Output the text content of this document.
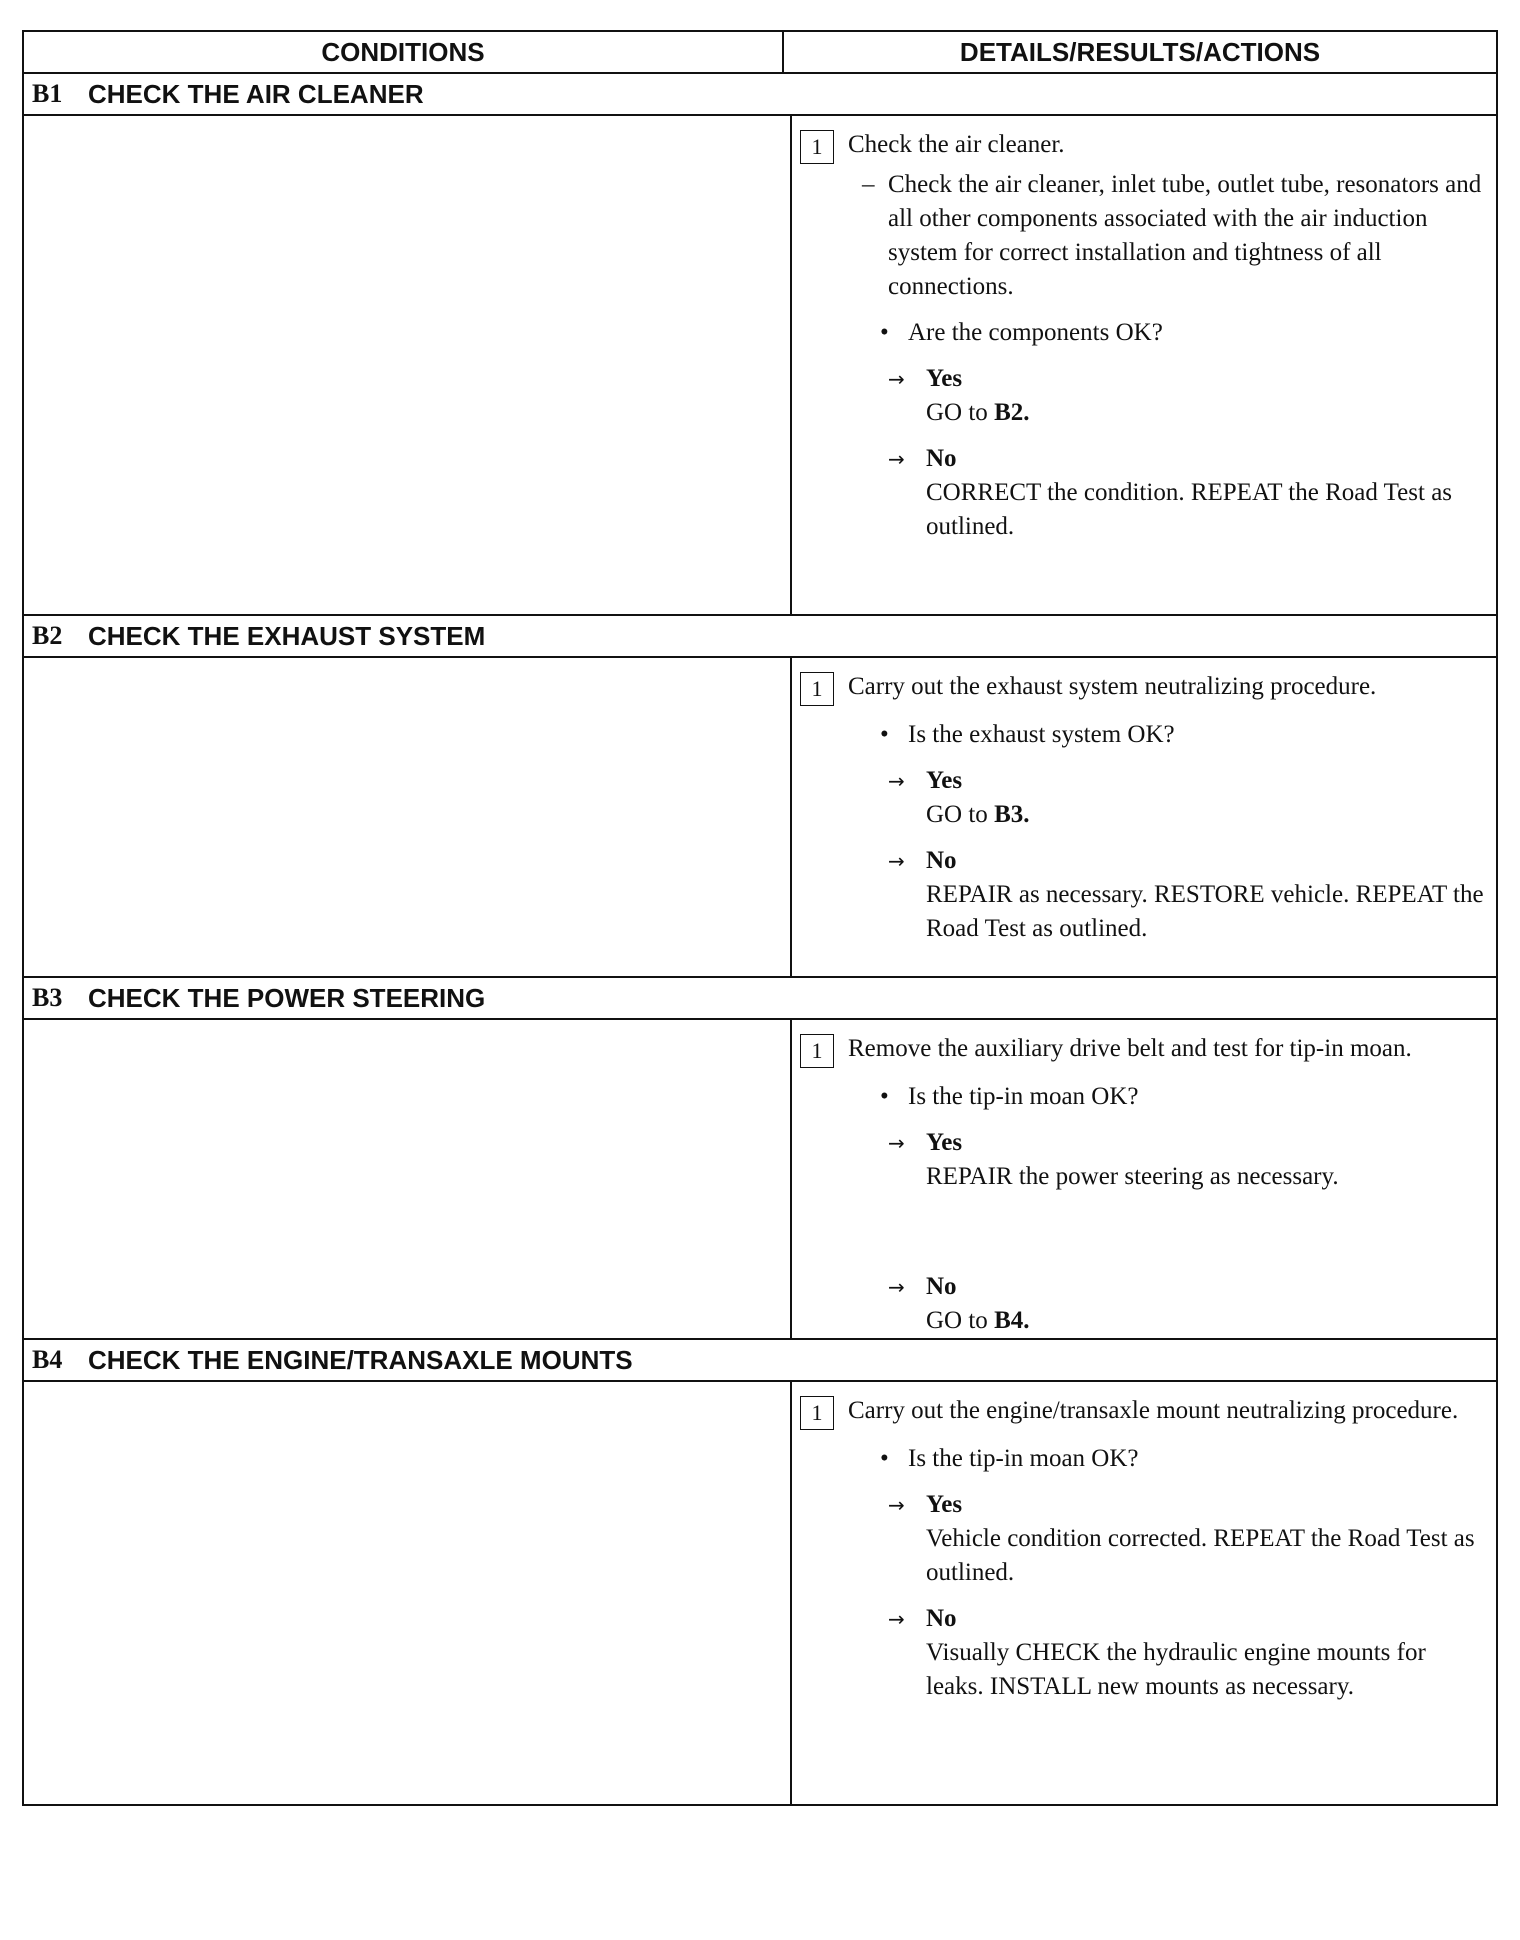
CONDITIONS	DETAILS/RESULTS/ACTIONS
B1 CHECK THE AIR CLEANER
1	Check the air cleaner.
– Check the air cleaner, inlet tube, outlet tube, resonators and all other components associated with the air induction system for correct installation and tightness of all connections.
• Are the components OK?
→ Yes
GO to B2.
→ No
CORRECT the condition. REPEAT the Road Test as outlined.
B2 CHECK THE EXHAUST SYSTEM
1	Carry out the exhaust system neutralizing procedure.
• Is the exhaust system OK?
→ Yes
GO to B3.
→ No
REPAIR as necessary. RESTORE vehicle. REPEAT the Road Test as outlined.
B3 CHECK THE POWER STEERING
1	Remove the auxiliary drive belt and test for tip-in moan.
• Is the tip-in moan OK?
→ Yes
REPAIR the power steering as necessary.
→ No
GO to B4.
B4 CHECK THE ENGINE/TRANSAXLE MOUNTS
1	Carry out the engine/transaxle mount neutralizing procedure.
• Is the tip-in moan OK?
→ Yes
Vehicle condition corrected. REPEAT the Road Test as outlined.
→ No
Visually CHECK the hydraulic engine mounts for leaks. INSTALL new mounts as necessary.
